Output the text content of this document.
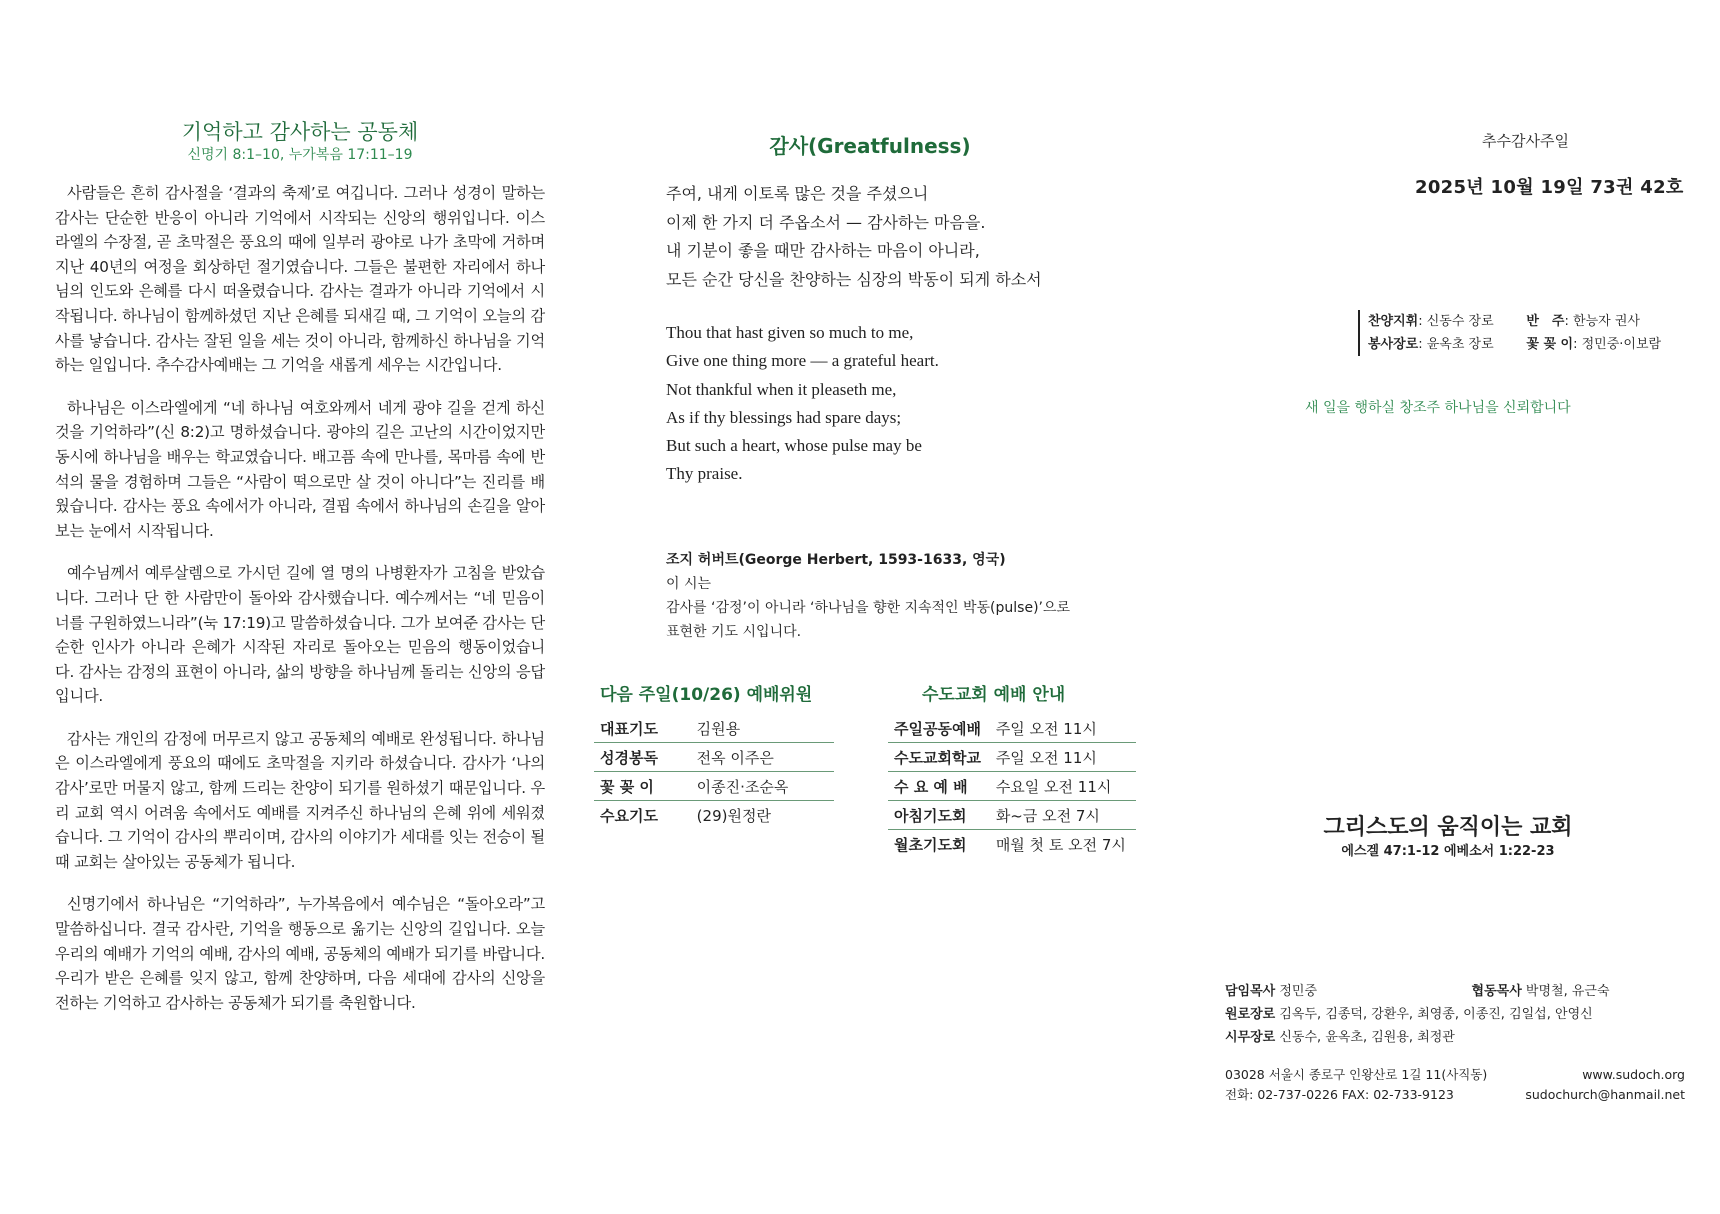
기억하고 감사하는 공동체
신명기 8:1–10, 누가복음 17:11–19

사람들은 흔히 감사절을 ‘결과의 축제’로 여깁니다. 그러나 성경이 말하는 감사는 단순한 반응이 아니라 기억에서 시작되는 신앙의 행위입니다. 이스라엘의 수장절, 곧 초막절은 풍요의 때에 일부러 광야로 나가 초막에 거하며 지난 40년의 여정을 회상하던 절기였습니다. 그들은 불편한 자리에서 하나님의 인도와 은혜를 다시 떠올렸습니다. 감사는 결과가 아니라 기억에서 시작됩니다. 하나님이 함께하셨던 지난 은혜를 되새길 때, 그 기억이 오늘의 감사를 낳습니다. 감사는 잘된 일을 세는 것이 아니라, 함께하신 하나님을 기억하는 일입니다. 추수감사예배는 그 기억을 새롭게 세우는 시간입니다.

하나님은 이스라엘에게 “네 하나님 여호와께서 네게 광야 길을 걷게 하신 것을 기억하라”(신 8:2)고 명하셨습니다. 광야의 길은 고난의 시간이었지만 동시에 하나님을 배우는 학교였습니다. 배고픔 속에 만나를, 목마름 속에 반석의 물을 경험하며 그들은 “사람이 떡으로만 살 것이 아니다”는 진리를 배웠습니다. 감사는 풍요 속에서가 아니라, 결핍 속에서 하나님의 손길을 알아보는 눈에서 시작됩니다.

예수님께서 예루살렘으로 가시던 길에 열 명의 나병환자가 고침을 받았습니다. 그러나 단 한 사람만이 돌아와 감사했습니다. 예수께서는 “네 믿음이 너를 구원하였느니라”(눅 17:19)고 말씀하셨습니다. 그가 보여준 감사는 단순한 인사가 아니라 은혜가 시작된 자리로 돌아오는 믿음의 행동이었습니다. 감사는 감정의 표현이 아니라, 삶의 방향을 하나님께 돌리는 신앙의 응답입니다.

감사는 개인의 감정에 머무르지 않고 공동체의 예배로 완성됩니다. 하나님은 이스라엘에게 풍요의 때에도 초막절을 지키라 하셨습니다. 감사가 ‘나의 감사’로만 머물지 않고, 함께 드리는 찬양이 되기를 원하셨기 때문입니다. 우리 교회 역시 어려움 속에서도 예배를 지켜주신 하나님의 은혜 위에 세워졌습니다. 그 기억이 감사의 뿌리이며, 감사의 이야기가 세대를 잇는 전승이 될 때 교회는 살아있는 공동체가 됩니다.

신명기에서 하나님은 “기억하라”, 누가복음에서 예수님은 “돌아오라”고 말씀하십니다. 결국 감사란, 기억을 행동으로 옮기는 신앙의 길입니다. 오늘 우리의 예배가 기억의 예배, 감사의 예배, 공동체의 예배가 되기를 바랍니다. 우리가 받은 은혜를 잊지 않고, 함께 찬양하며, 다음 세대에 감사의 신앙을 전하는 기억하고 감사하는 공동체가 되기를 축원합니다.

감사(Greatfulness)
주여, 내게 이토록 많은 것을 주셨으니
이제 한 가지 더 주옵소서 — 감사하는 마음을.
내 기분이 좋을 때만 감사하는 마음이 아니라,
모든 순간 당신을 찬양하는 심장의 박동이 되게 하소서
Thou that hast given so much to me,
Give one thing more — a grateful heart.
Not thankful when it pleaseth me,
As if thy blessings had spare days;
But such a heart, whose pulse may be
Thy praise.
조지 허버트(George Herbert, 1593-1633, 영국)
이 시는
감사를 ‘감정’이 아니라 ‘하나님을 향한 지속적인 박동(pulse)’으로
표현한 기도 시입니다.
다음 주일(10/26) 예배위원
대표기도	김원용
성경봉독	전옥 이주은
꽃 꽂 이	이종진·조순옥
수요기도	(29)원정란
수도교회 예배 안내
주일공동예배	주일 오전 11시
수도교회학교	주일 오전 11시
수 요 예 배	수요일 오전 11시
아침기도회	화~금 오전 7시
월초기도회	매월 첫 토 오전 7시
추수감사주일
2025년 10월 19일 73권 42호
찬양지휘: 신동수 장로	반　주: 한능자 권사
봉사장로: 윤옥초 장로	꽃 꽂 이: 정민중·이보람
새 일을 행하실 창조주 하나님을 신뢰합니다
그리스도의 움직이는 교회
에스겔 47:1-12 에베소서 1:22-23
담임목사 정민중	협동목사 박명철, 유근숙
원로장로 김옥두, 김종덕, 강환우, 최영종, 이종진, 김일섭, 안영신
시무장로 신동수, 윤옥초, 김원용, 최정관
03028 서울시 종로구 인왕산로 1길 11(사직동)	www.sudoch.org
전화: 02-737-0226 FAX: 02-733-9123	sudochurch@hanmail.net
